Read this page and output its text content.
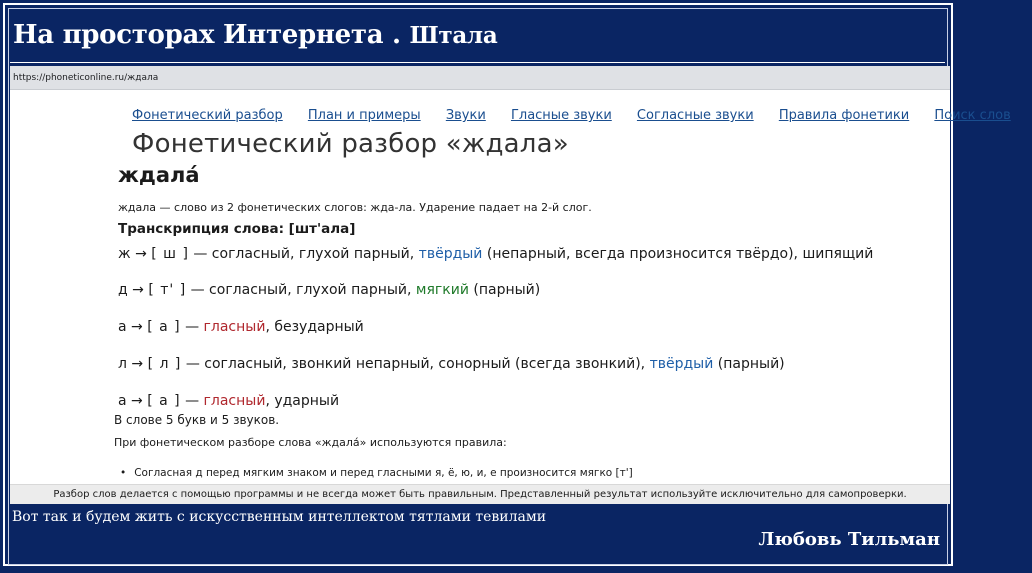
На просторах Интернета . Штала
https://phoneticonline.ru/ждала
Фонетический разбор План и примеры Звуки Гласные звуки Согласные звуки Правила фонетики Поиск слов
Фонетический разбор «ждала»
ждала́
ждала — слово из 2 фонетических слогов: жда-ла. Ударение падает на 2-й слог.
Транскрипция слова: [шт'ала]
ж → [ ш ] — согласный, глухой парный, твёрдый (непарный, всегда произносится твёрдо), шипящий
д → [ т' ] — согласный, глухой парный, мягкий (парный)
а → [ а ] — гласный, безударный
л → [ л ] — согласный, звонкий непарный, сонорный (всегда звонкий), твёрдый (парный)
а → [ а ] — гласный, ударный
В слове 5 букв и 5 звуков.
При фонетическом разборе слова «ждала́» используются правила:
• Согласная д перед мягким знаком и перед гласными я, ё, ю, и, е произносится мягко [т']
Разбор слов делается с помощью программы и не всегда может быть правильным. Представленный результат используйте исключительно для самопроверки.
Вот так и будем жить с искусственным интеллектом тятлами тевилами
Любовь Тильман
